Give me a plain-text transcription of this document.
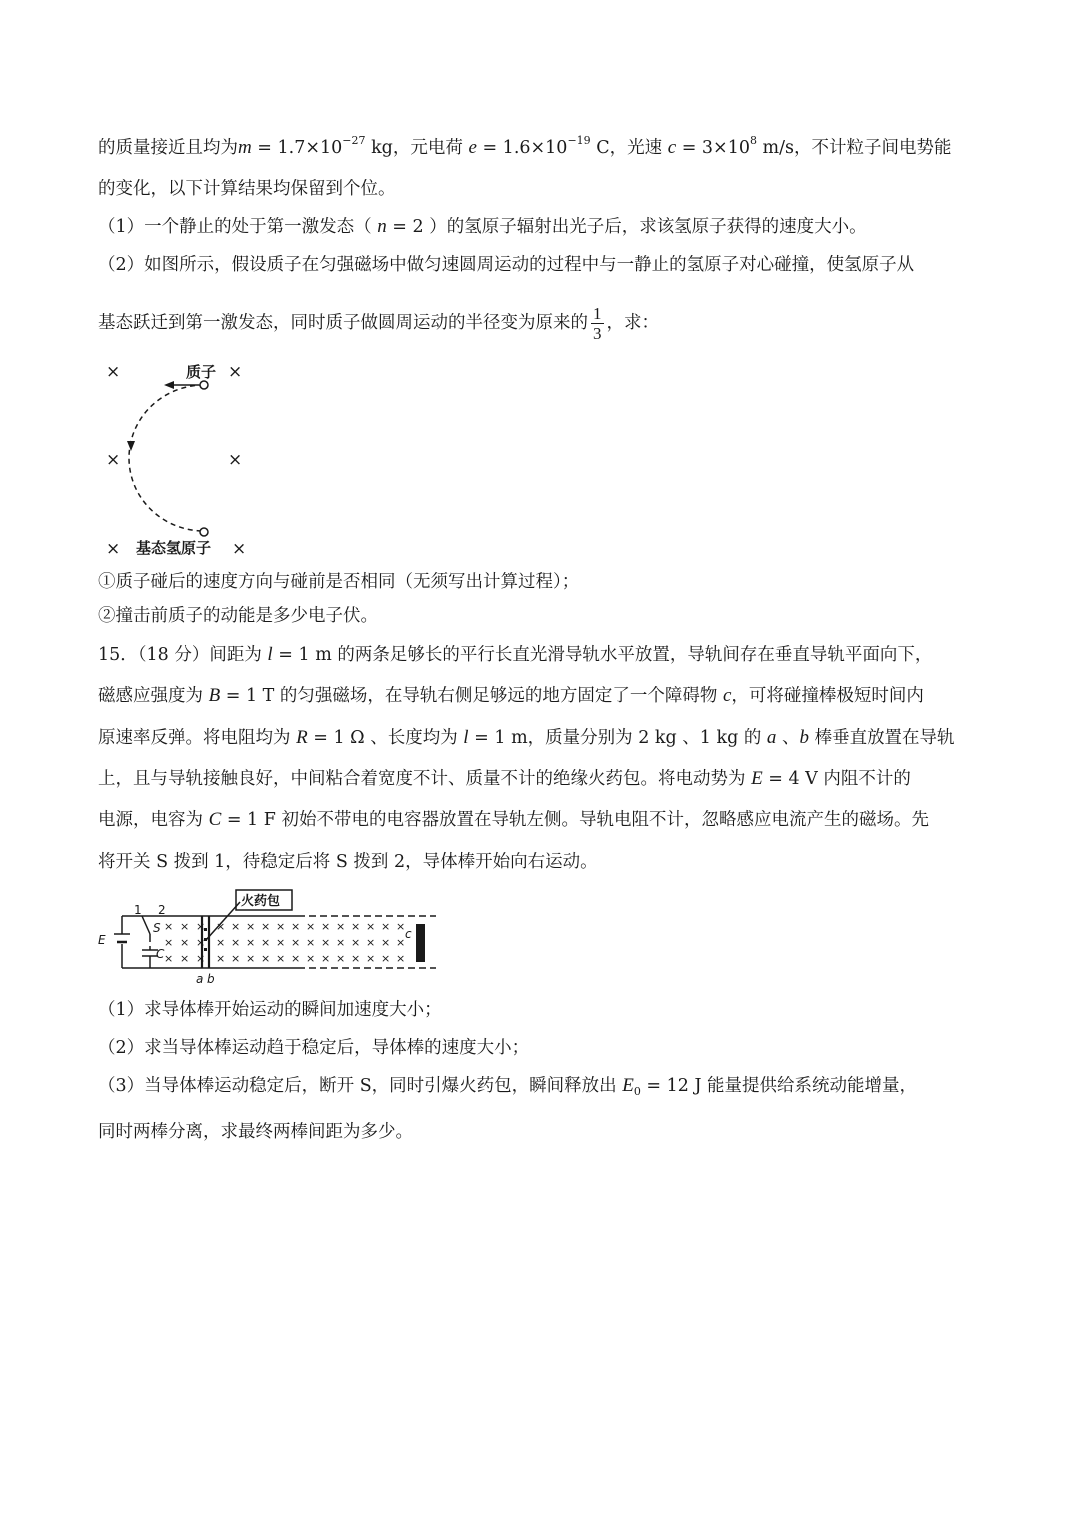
的质量接近且均为$m = 1.7\times 10^{-27}$ kg，元电荷 $e = 1.6\times 10^{-19}$ C，光速 $c = 3\times 10^8$ m/s，不计粒子间电势能
的变化，以下计算结果均保留到个位。
（1）一个静止的处于第一激发态（ n = 2 ）的氢原子辐射出光子后，求该氢原子获得的速度大小。
（2）如图所示，假设质子在匀强磁场中做匀速圆周运动的过程中与一静止的氢原子对心碰撞，使氢原子从
基态跃迁到第一激发态，同时质子做圆周运动的半径变为原来的 $\frac{1}{3}$ ，求：
×	×
×	×
×	×
质子
基态氢原子
①质子碰后的速度方向与碰前是否相同（无须写出计算过程）；
②撞击前质子的动能是多少电子伏。
15．（18 分）间距为 l = 1 m 的两条足够长的平行长直光滑导轨水平放置，导轨间存在垂直导轨平面向下，
磁感应强度为 B = 1 T 的匀强磁场，在导轨右侧足够远的地方固定了一个障碍物 c，可将碰撞棒极短时间内
原速率反弹。将电阻均为 R = 1 Ω 、长度均为 l = 1 m，质量分别为 2 kg 、1 kg 的 a 、b 棒垂直放置在导轨
上，且与导轨接触良好，中间粘合着宽度不计、质量不计的绝缘火药包。将电动势为 E = 4 V 内阻不计的
电源，电容为 C = 1 F 初始不带电的电容器放置在导轨左侧。导轨电阻不计，忽略感应电流产生的磁场。先
将开关 S 拨到 1，待稳定后将 S 拨到 2，导体棒开始向右运动。
E
S
C
a b
c
1 2
火药包
× × × × × × × × × × × × × × × ×
× × × × × × × × × × × × × × × ×
× × × × × × × × × × × × × × × ×
（1）求导体棒开始运动的瞬间加速度大小；
（2）求当导体棒运动趋于稳定后，导体棒的速度大小；
（3）当导体棒运动稳定后，断开 S，同时引爆火药包，瞬间释放出 $E_0 = 12$ J 能量提供给系统动能增量，
同时两棒分离，求最终两棒间距为多少。
